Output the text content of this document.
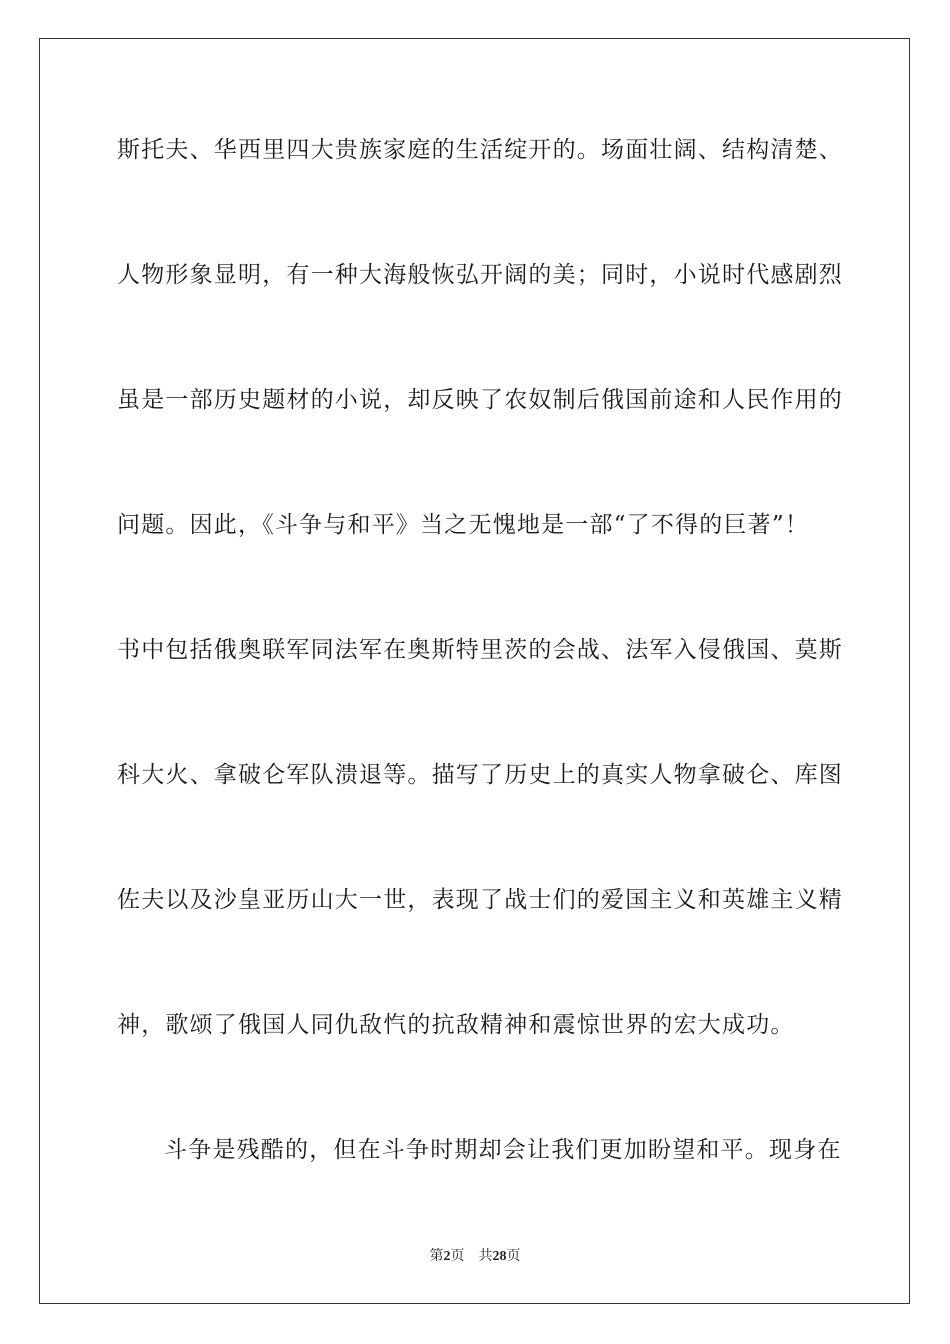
斯托夫、华西里四大贵族家庭的生活绽开的。场面壮阔、结构清楚、
人物形象显明，有一种大海般恢弘开阔的美；同时，小说时代感剧烈
虽是一部历史题材的小说，却反映了农奴制后俄国前途和人民作用的
问题。因此，《斗争与和平》当之无愧地是一部“了不得的巨著”！
书中包括俄奥联军同法军在奥斯特里茨的会战、法军入侵俄国、莫斯
科大火、拿破仑军队溃退等。描写了历史上的真实人物拿破仑、库图
佐夫以及沙皇亚历山大一世，表现了战士们的爱国主义和英雄主义精
神，歌颂了俄国人同仇敌忾的抗敌精神和震惊世界的宏大成功。
斗争是残酷的，但在斗争时期却会让我们更加盼望和平。现身在
第2页 共28页
